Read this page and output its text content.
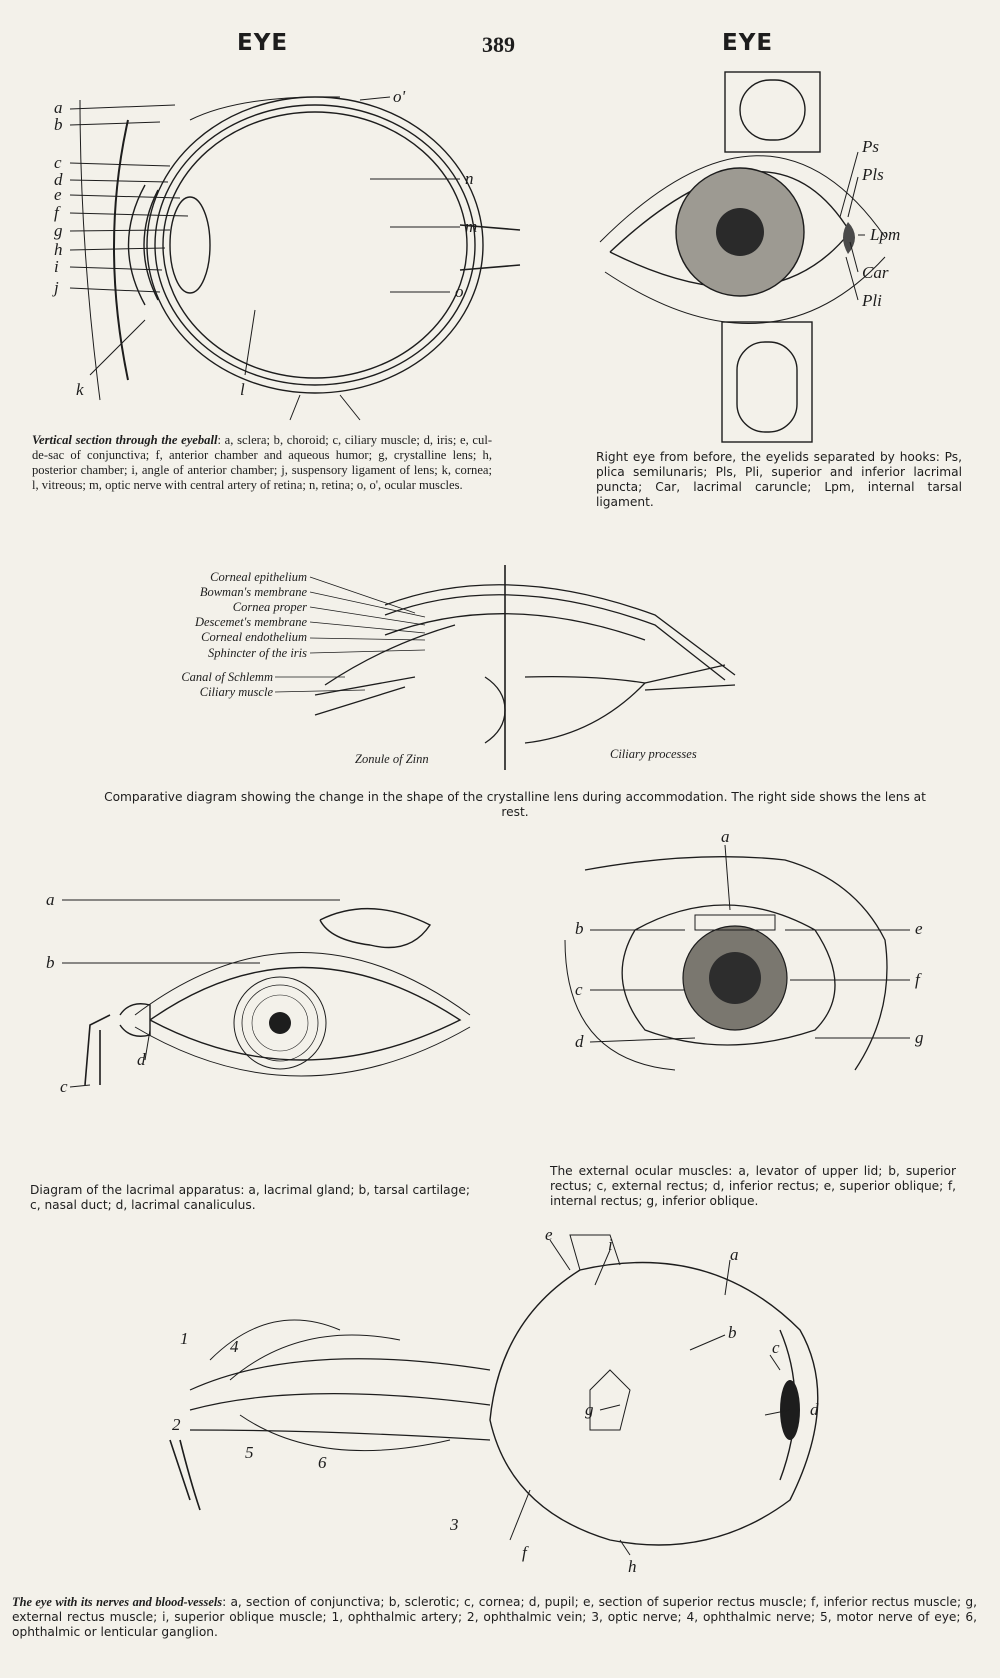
EYE	389	EYE
a
b
c
d
e
f
g
h
i
j
o'
n
m
o
k	l
Vertical section through the eyeball: a, sclera; b, choroid; c, ciliary muscle; d, iris; e, cul-de-sac of conjunctiva; f, anterior chamber and aqueous humor; g, crystalline lens; h, posterior chamber; i, angle of anterior chamber; j, suspensory ligament of lens; k, cornea; l, vitreous; m, optic nerve with central artery of retina; n, retina; o, o', ocular muscles.
Ps
Pls
Lpm
Car
Pli
Right eye from before, the eyelids separated by hooks: Ps, plica semilunaris; Pls, Pli, superior and inferior lacrimal puncta; Car, lacrimal caruncle; Lpm, internal tarsal ligament.
Corneal epithelium
Bowman's membrane
Cornea proper
Descemet's membrane
Corneal endothelium
Sphincter of the iris
Canal of Schlemm
Ciliary muscle
Zonule of Zinn	Ciliary processes
Comparative diagram showing the change in the shape of the crystalline lens during accommodation. The right side shows the lens at rest.
a
b
c
d
Diagram of the lacrimal apparatus: a, lacrimal gland; b, tarsal cartilage; c, nasal duct; d, lacrimal canaliculus.
a
b
c
d
e
f
g
The external ocular muscles: a, levator of upper lid; b, superior rectus; c, external rectus; d, inferior rectus; e, superior oblique; f, internal rectus; g, inferior oblique.
e
i
a
b
c
d
g
f
h
1 4
2
5
6
3
The eye with its nerves and blood-vessels: a, section of conjunctiva; b, sclerotic; c, cornea; d, pupil; e, section of superior rectus muscle; f, inferior rectus muscle; g, external rectus muscle; i, superior oblique muscle; 1, ophthalmic artery; 2, ophthalmic vein; 3, optic nerve; 4, ophthalmic nerve; 5, motor nerve of eye; 6, ophthalmic or lenticular ganglion.
